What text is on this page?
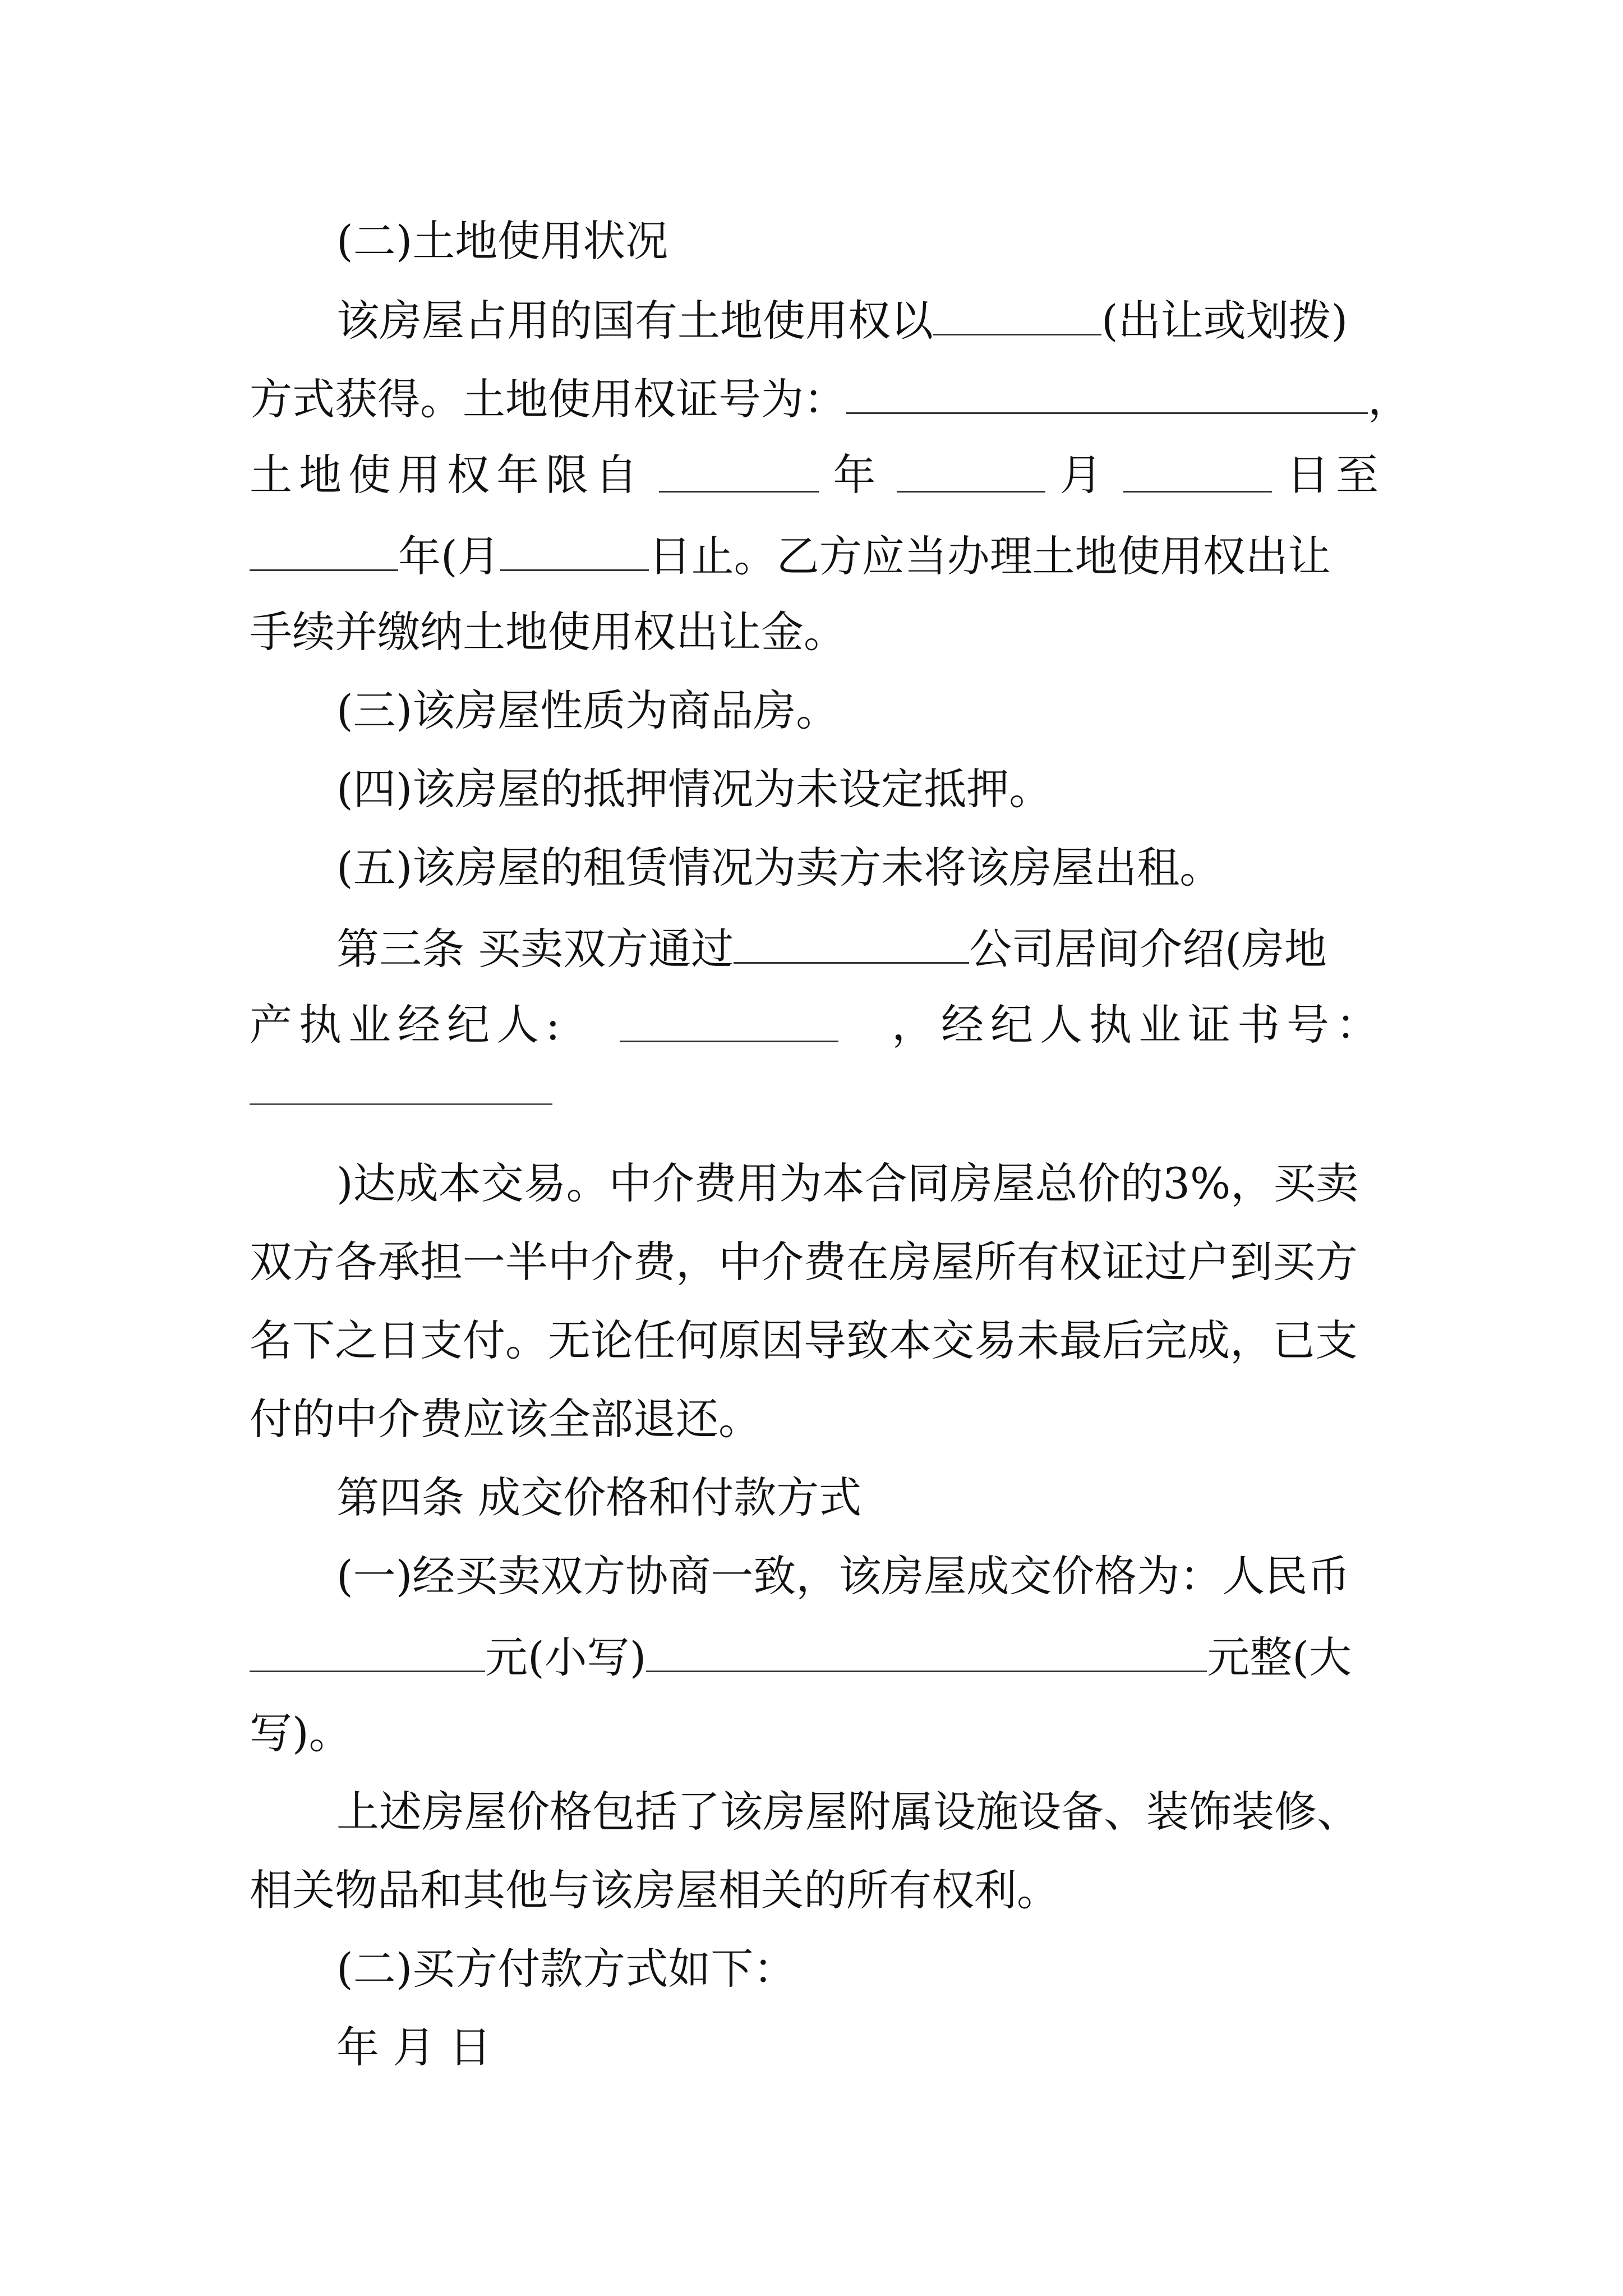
(二)土地使用状况
该房屋占用的国有土地使用权以	(出让或划拨)
方式获得。土地使用权证号为：	，
土地使用权年限自	年	月	日至
年(月	日止。乙方应当办理土地使用权出让
手续并缴纳土地使用权出让金。
(三)该房屋性质为商品房。
(四)该房屋的抵押情况为未设定抵押。
(五)该房屋的租赁情况为卖方未将该房屋出租。
第三条 买卖双方通过	公司居间介绍(房地
产执业经纪人:	，经纪人执业证书号：
)达成本交易。中介费用为本合同房屋总价的3%，买卖
双方各承担一半中介费，中介费在房屋所有权证过户到买方
名下之日支付。无论任何原因导致本交易未最后完成，已支
付的中介费应该全部退还。
第四条 成交价格和付款方式
(一)经买卖双方协商一致，该房屋成交价格为：人民币
元(小写)	元整(大
写)。
上述房屋价格包括了该房屋附属设施设备、装饰装修、
相关物品和其他与该房屋相关的所有权利。
(二)买方付款方式如下：
年 月 日
